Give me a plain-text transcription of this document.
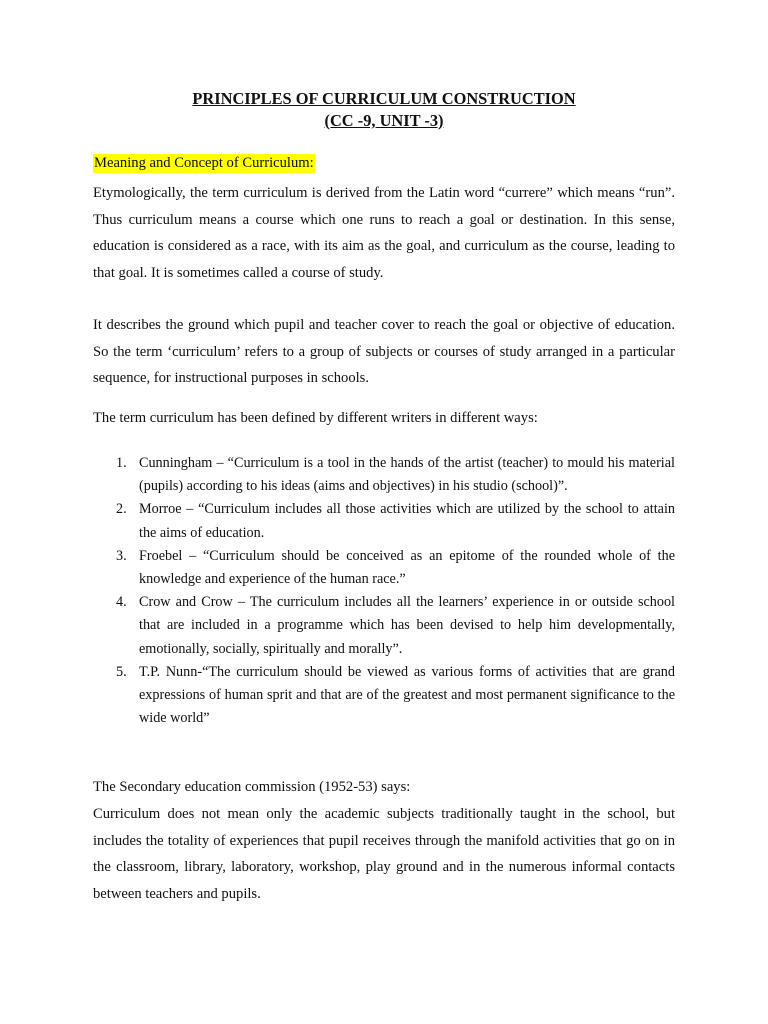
PRINCIPLES OF CURRICULUM CONSTRUCTION
(CC -9, UNIT -3)
Meaning and Concept of Curriculum:

Etymologically, the term curriculum is derived from the Latin word “currere” which means “run”. Thus curriculum means a course which one runs to reach a goal or destination. In this sense, education is considered as a race, with its aim as the goal, and curriculum as the course, leading to that goal. It is sometimes called a course of study.

It describes the ground which pupil and teacher cover to reach the goal or objective of education. So the term ‘curriculum’ refers to a group of subjects or courses of study arranged in a particular sequence, for instructional purposes in schools.

The term curriculum has been defined by different writers in different ways:

1. Cunningham – “Curriculum is a tool in the hands of the artist (teacher) to mould his material (pupils) according to his ideas (aims and objectives) in his studio (school)”.
2. Morroe – “Curriculum includes all those activities which are utilized by the school to attain the aims of education.
3. Froebel – “Curriculum should be conceived as an epitome of the rounded whole of the knowledge and experience of the human race.”
4. Crow and Crow – The curriculum includes all the learners’ experience in or outside school that are included in a programme which has been devised to help him developmentally, emotionally, socially, spiritually and morally”.
5. T.P. Nunn-“The curriculum should be viewed as various forms of activities that are grand expressions of human sprit and that are of the greatest and most permanent significance to the wide world”

The Secondary education commission (1952-53) says:

Curriculum does not mean only the academic subjects traditionally taught in the school, but includes the totality of experiences that pupil receives through the manifold activities that go on in the classroom, library, laboratory, workshop, play ground and in the numerous informal contacts between teachers and pupils.
